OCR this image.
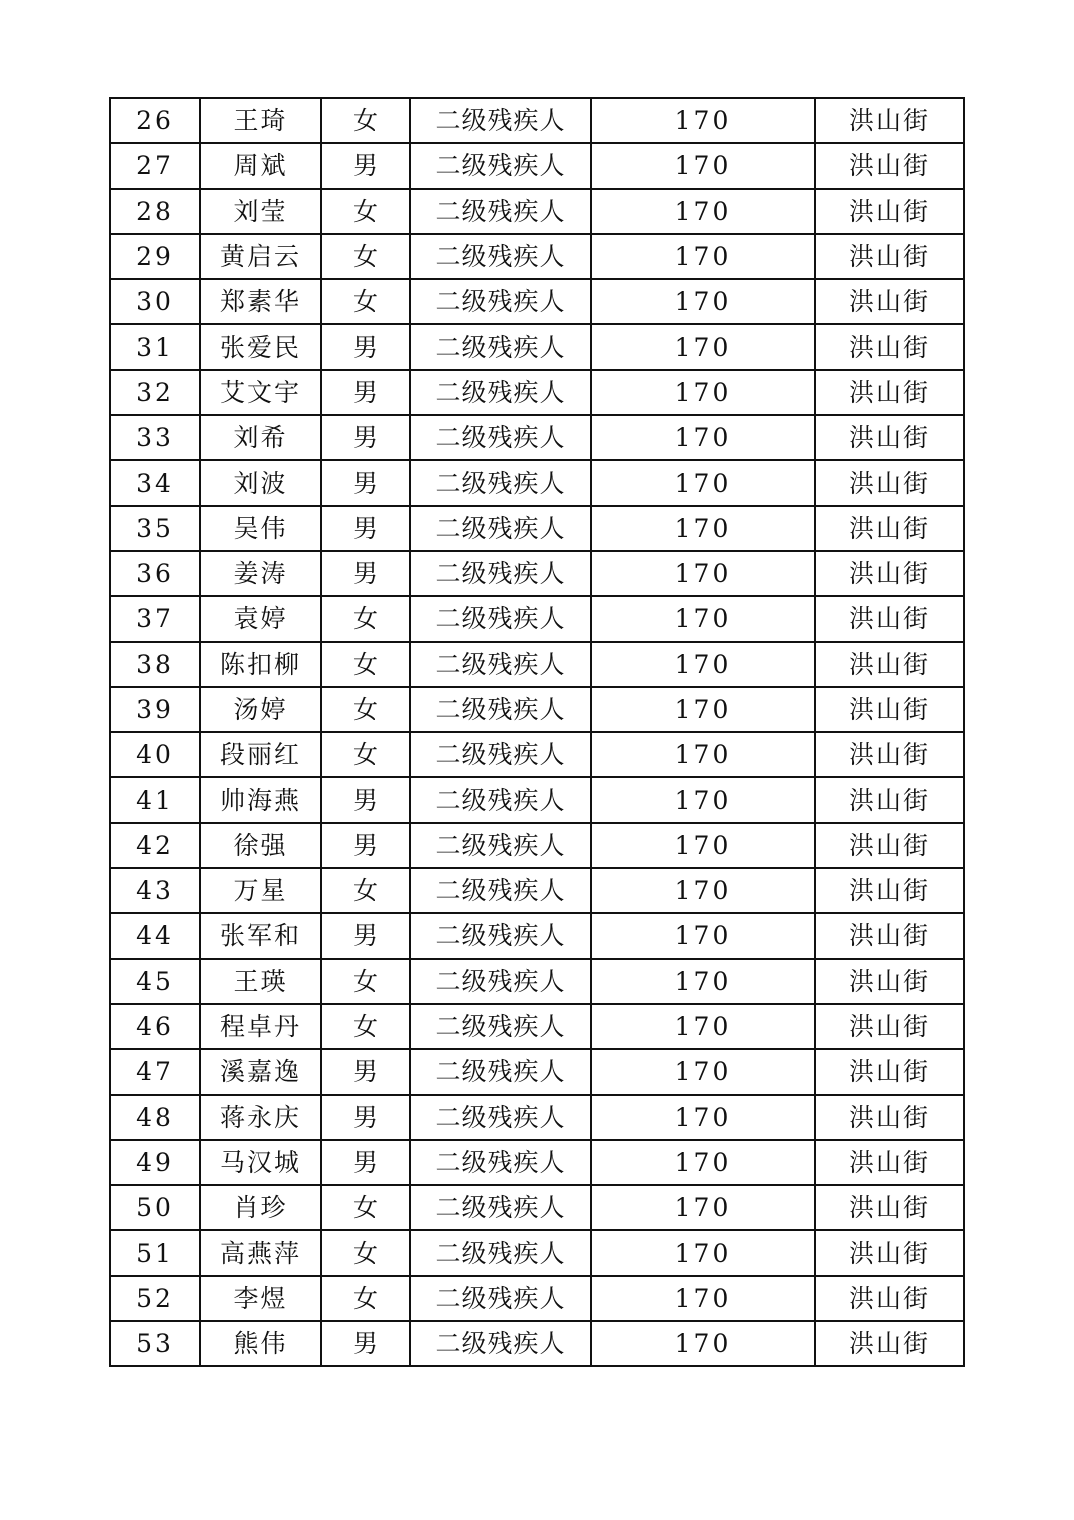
26	王琦	女	二级残疾人	170	洪山街
27	周斌	男	二级残疾人	170	洪山街
28	刘莹	女	二级残疾人	170	洪山街
29	黄启云	女	二级残疾人	170	洪山街
30	郑素华	女	二级残疾人	170	洪山街
31	张爱民	男	二级残疾人	170	洪山街
32	艾文宇	男	二级残疾人	170	洪山街
33	刘希	男	二级残疾人	170	洪山街
34	刘波	男	二级残疾人	170	洪山街
35	吴伟	男	二级残疾人	170	洪山街
36	姜涛	男	二级残疾人	170	洪山街
37	袁婷	女	二级残疾人	170	洪山街
38	陈扣柳	女	二级残疾人	170	洪山街
39	汤婷	女	二级残疾人	170	洪山街
40	段丽红	女	二级残疾人	170	洪山街
41	帅海燕	男	二级残疾人	170	洪山街
42	徐强	男	二级残疾人	170	洪山街
43	万星	女	二级残疾人	170	洪山街
44	张军和	男	二级残疾人	170	洪山街
45	王瑛	女	二级残疾人	170	洪山街
46	程卓丹	女	二级残疾人	170	洪山街
47	溪嘉逸	男	二级残疾人	170	洪山街
48	蒋永庆	男	二级残疾人	170	洪山街
49	马汉城	男	二级残疾人	170	洪山街
50	肖珍	女	二级残疾人	170	洪山街
51	高燕萍	女	二级残疾人	170	洪山街
52	李煜	女	二级残疾人	170	洪山街
53	熊伟	男	二级残疾人	170	洪山街
